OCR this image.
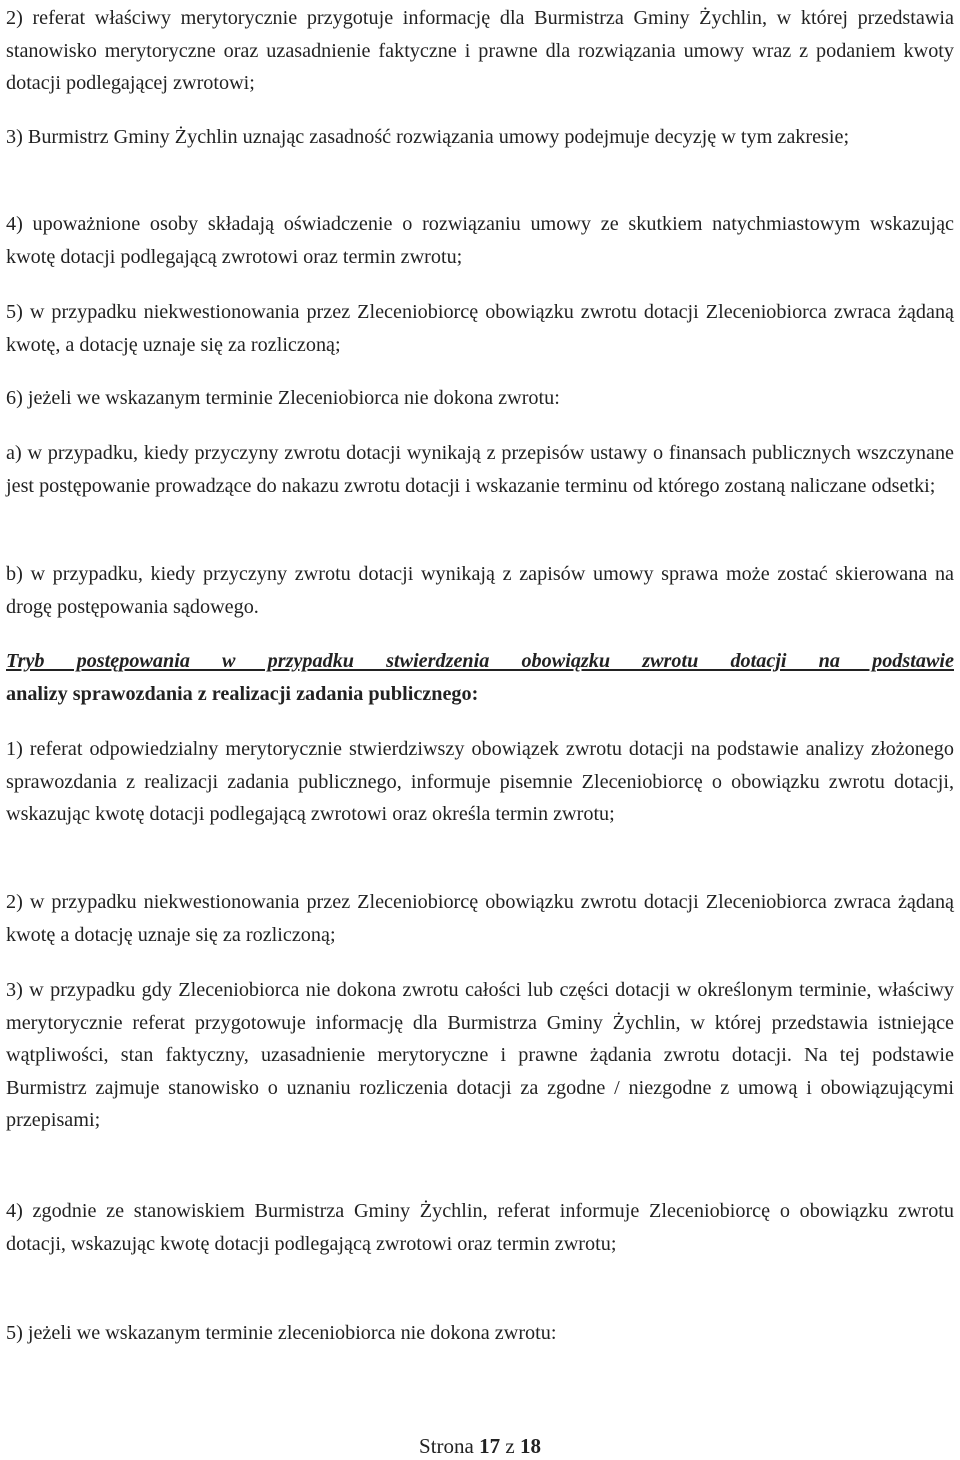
2) referat właściwy merytorycznie przygotuje informację dla Burmistrza Gminy Żychlin, w której przedstawia stanowisko merytoryczne oraz uzasadnienie faktyczne i prawne dla rozwiązania umowy wraz z podaniem kwoty dotacji podlegającej zwrotowi;

3) Burmistrz Gminy Żychlin uznając zasadność rozwiązania umowy podejmuje decyzję w tym zakresie;

4) upoważnione osoby składają oświadczenie o rozwiązaniu umowy ze skutkiem natychmiastowym wskazując kwotę dotacji podlegającą zwrotowi oraz termin zwrotu;

5) w przypadku niekwestionowania przez Zleceniobiorcę obowiązku zwrotu dotacji Zleceniobiorca zwraca żądaną kwotę, a dotację uznaje się za rozliczoną;

6) jeżeli we wskazanym terminie Zleceniobiorca nie dokona zwrotu:

a) w przypadku, kiedy przyczyny zwrotu dotacji wynikają z przepisów ustawy o finansach publicznych wszczynane jest postępowanie prowadzące do nakazu zwrotu dotacji i wskazanie terminu od którego zostaną naliczane odsetki;

b) w przypadku, kiedy przyczyny zwrotu dotacji wynikają z zapisów umowy sprawa może zostać skierowana na drogę postępowania sądowego.

Tryb postępowania w przypadku stwierdzenia obowiązku zwrotu dotacji na podstawie
analizy sprawozdania z realizacji zadania publicznego:

1) referat odpowiedzialny merytorycznie stwierdziwszy obowiązek zwrotu dotacji na podstawie analizy złożonego sprawozdania z realizacji zadania publicznego, informuje pisemnie Zleceniobiorcę o obowiązku zwrotu dotacji, wskazując kwotę dotacji podlegającą zwrotowi oraz określa termin zwrotu;

2) w przypadku niekwestionowania przez Zleceniobiorcę obowiązku zwrotu dotacji Zleceniobiorca zwraca żądaną kwotę a dotację uznaje się za rozliczoną;

3) w przypadku gdy Zleceniobiorca nie dokona zwrotu całości lub części dotacji w określonym terminie, właściwy merytorycznie referat przygotowuje informację dla Burmistrza Gminy Żychlin, w której przedstawia istniejące wątpliwości, stan faktyczny, uzasadnienie merytoryczne i prawne żądania zwrotu dotacji. Na tej podstawie Burmistrz zajmuje stanowisko o uznaniu rozliczenia dotacji za zgodne / niezgodne z umową i obowiązującymi przepisami;

4) zgodnie ze stanowiskiem Burmistrza Gminy Żychlin, referat informuje Zleceniobiorcę o obowiązku zwrotu dotacji, wskazując kwotę dotacji podlegającą zwrotowi oraz termin zwrotu;

5) jeżeli we wskazanym terminie zleceniobiorca nie dokona zwrotu:

Strona 17 z 18
